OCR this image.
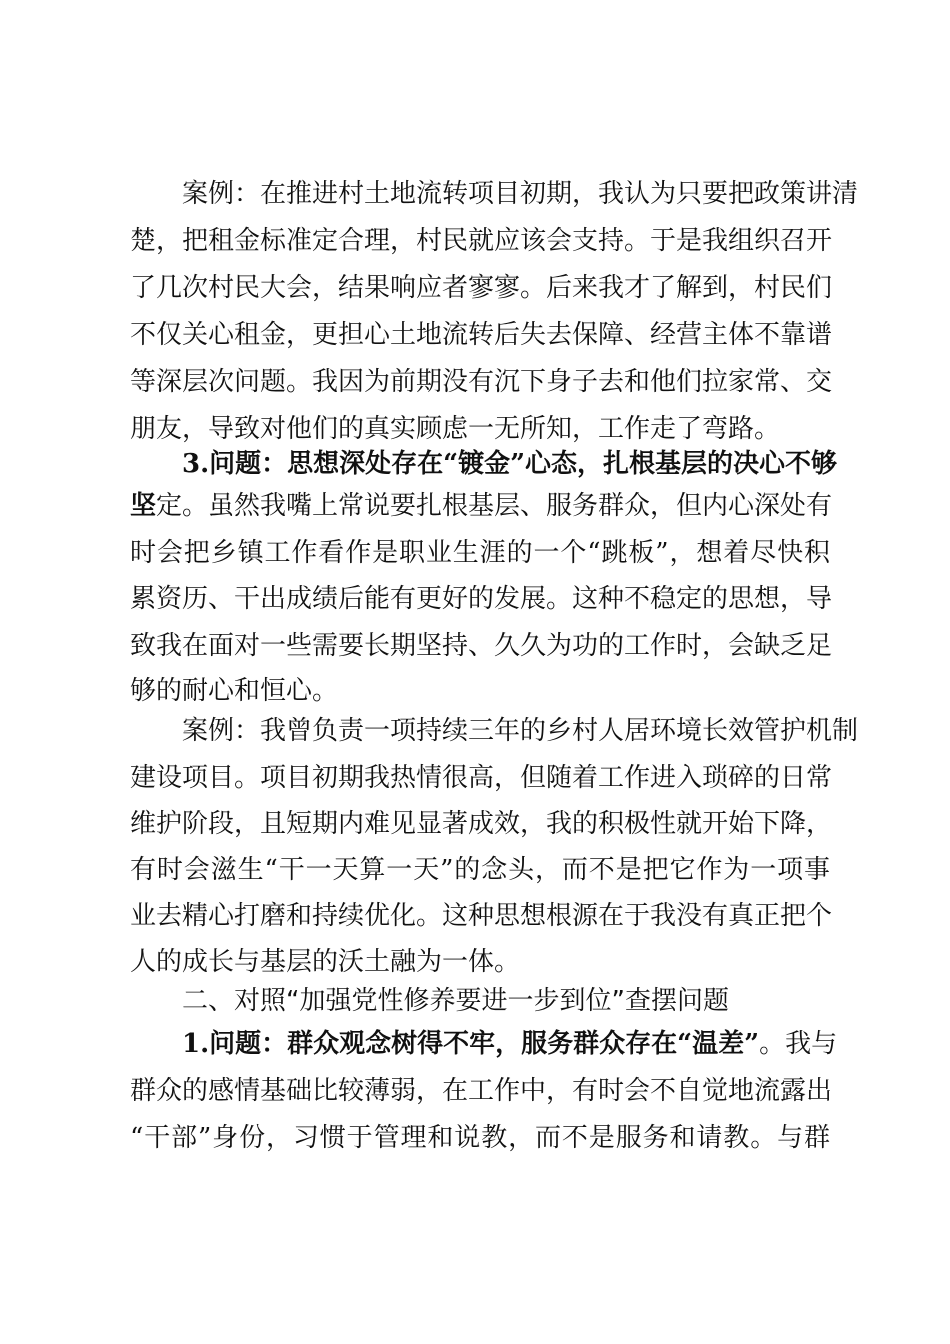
案例：在推进村土地流转项目初期，我认为只要把政策讲清
楚，把租金标准定合理，村民就应该会支持。于是我组织召开
了几次村民大会，结果响应者寥寥。后来我才了解到，村民们
不仅关心租金，更担心土地流转后失去保障、经营主体不靠谱
等深层次问题。我因为前期没有沉下身子去和他们拉家常、交
朋友，导致对他们的真实顾虑一无所知，工作走了弯路。
3.问题：思想深处存在“镀金”心态，扎根基层的决心不够
坚定。虽然我嘴上常说要扎根基层、服务群众，但内心深处有
时会把乡镇工作看作是职业生涯的一个“跳板”，想着尽快积
累资历、干出成绩后能有更好的发展。这种不稳定的思想，导
致我在面对一些需要长期坚持、久久为功的工作时，会缺乏足
够的耐心和恒心。
案例：我曾负责一项持续三年的乡村人居环境长效管护机制
建设项目。项目初期我热情很高，但随着工作进入琐碎的日常
维护阶段，且短期内难见显著成效，我的积极性就开始下降，
有时会滋生“干一天算一天”的念头，而不是把它作为一项事
业去精心打磨和持续优化。这种思想根源在于我没有真正把个
人的成长与基层的沃土融为一体。
二、对照“加强党性修养要进一步到位”查摆问题
1.问题：群众观念树得不牢，服务群众存在“温差”。我与
群众的感情基础比较薄弱，在工作中，有时会不自觉地流露出
“干部”身份，习惯于管理和说教，而不是服务和请教。与群
